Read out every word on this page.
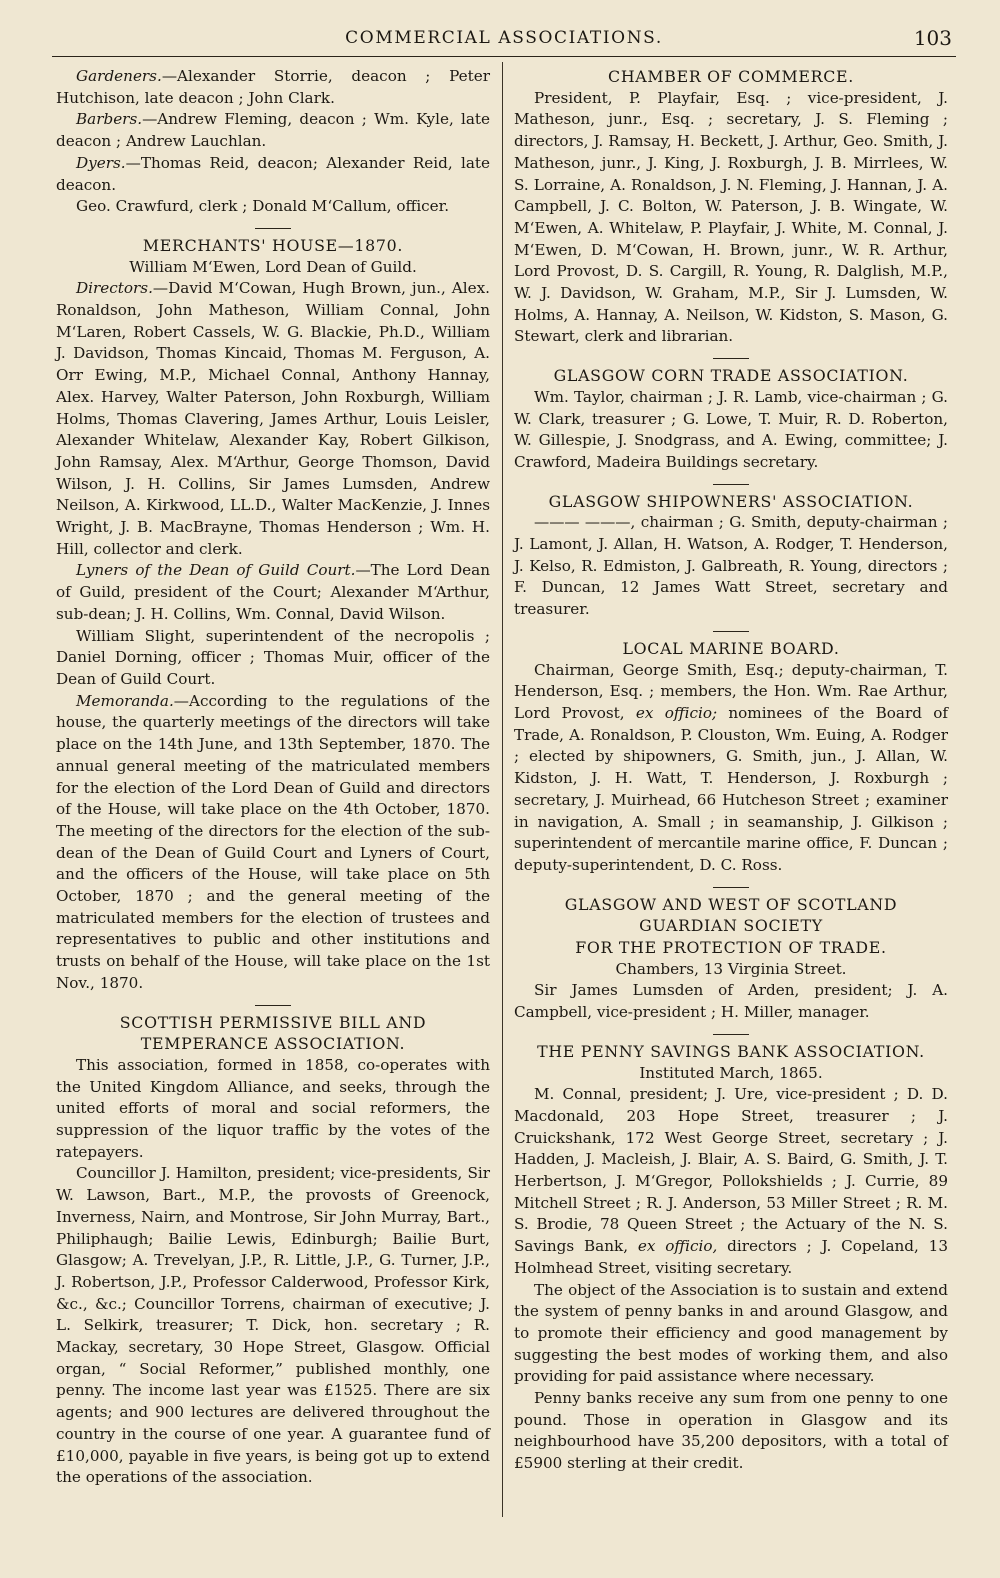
COMMERCIAL ASSOCIATIONS.	103

Gardeners.—Alexander Storrie, deacon ; Peter Hutchison, late deacon ; John Clark.

Barbers.—Andrew Fleming, deacon ; Wm. Kyle, late deacon ; Andrew Lauchlan.

Dyers.—Thomas Reid, deacon; Alexander Reid, late deacon.

Geo. Crawfurd, clerk ; Donald M‘Callum, officer.

MERCHANTS' HOUSE—1870.

William M‘Ewen, Lord Dean of Guild.

Directors.—David M‘Cowan, Hugh Brown, jun., Alex. Ronaldson, John Matheson, William Connal, John M‘Laren, Robert Cassels, W. G. Blackie, Ph.D., William J. Davidson, Thomas Kincaid, Thomas M. Ferguson, A. Orr Ewing, M.P., Michael Connal, Anthony Hannay, Alex. Harvey, Walter Paterson, John Roxburgh, William Holms, Thomas Clavering, James Arthur, Louis Leisler, Alexander Whitelaw, Alexander Kay, Robert Gilkison, John Ramsay, Alex. M‘Arthur, George Thomson, David Wilson, J. H. Collins, Sir James Lumsden, Andrew Neilson, A. Kirkwood, LL.D., Walter MacKenzie, J. Innes Wright, J. B. MacBrayne, Thomas Henderson ; Wm. H. Hill, collector and clerk.

Lyners of the Dean of Guild Court.—The Lord Dean of Guild, president of the Court; Alexander M‘Arthur, sub-dean; J. H. Collins, Wm. Connal, David Wilson.

William Slight, superintendent of the necropolis ; Daniel Dorning, officer ; Thomas Muir, officer of the Dean of Guild Court.

Memoranda.—According to the regulations of the house, the quarterly meetings of the directors will take place on the 14th June, and 13th September, 1870. The annual general meeting of the matriculated members for the election of the Lord Dean of Guild and directors of the House, will take place on the 4th October, 1870. The meeting of the directors for the election of the sub-dean of the Dean of Guild Court and Lyners of Court, and the officers of the House, will take place on 5th October, 1870 ; and the general meeting of the matriculated members for the election of trustees and representatives to public and other institutions and trusts on behalf of the House, will take place on the 1st Nov., 1870.

SCOTTISH PERMISSIVE BILL AND TEMPERANCE ASSOCIATION.

This association, formed in 1858, co-operates with the United Kingdom Alliance, and seeks, through the united efforts of moral and social reformers, the suppression of the liquor traffic by the votes of the ratepayers.

Councillor J. Hamilton, president; vice-presidents, Sir W. Lawson, Bart., M.P., the provosts of Greenock, Inverness, Nairn, and Montrose, Sir John Murray, Bart., Philiphaugh; Bailie Lewis, Edinburgh; Bailie Burt, Glasgow; A. Trevelyan, J.P., R. Little, J.P., G. Turner, J.P., J. Robertson, J.P., Professor Calderwood, Professor Kirk, &c., &c.; Councillor Torrens, chairman of executive; J. L. Selkirk, treasurer; T. Dick, hon. secretary ; R. Mackay, secretary, 30 Hope Street, Glasgow. Official organ, “ Social Reformer,” published monthly, one penny. The income last year was £1525. There are six agents; and 900 lectures are delivered throughout the country in the course of one year. A guarantee fund of £10,000, payable in five years, is being got up to extend the operations of the association.

CHAMBER OF COMMERCE.

President, P. Playfair, Esq. ; vice-president, J. Matheson, junr., Esq. ; secretary, J. S. Fleming ; directors, J. Ramsay, H. Beckett, J. Arthur, Geo. Smith, J. Matheson, junr., J. King, J. Roxburgh, J. B. Mirrlees, W. S. Lorraine, A. Ronaldson, J. N. Fleming, J. Hannan, J. A. Campbell, J. C. Bolton, W. Paterson, J. B. Wingate, W. M‘Ewen, A. Whitelaw, P. Playfair, J. White, M. Connal, J. M‘Ewen, D. M‘Cowan, H. Brown, junr., W. R. Arthur, Lord Provost, D. S. Cargill, R. Young, R. Dalglish, M.P., W. J. Davidson, W. Graham, M.P., Sir J. Lumsden, W. Holms, A. Hannay, A. Neilson, W. Kidston, S. Mason, G. Stewart, clerk and librarian.

GLASGOW CORN TRADE ASSOCIATION.

Wm. Taylor, chairman ; J. R. Lamb, vice-chairman ; G. W. Clark, treasurer ; G. Lowe, T. Muir, R. D. Roberton, W. Gillespie, J. Snodgrass, and A. Ewing, committee; J. Crawford, Madeira Buildings secretary.

GLASGOW SHIPOWNERS' ASSOCIATION.

——— ———, chairman ; G. Smith, deputy-chairman ; J. Lamont, J. Allan, H. Watson, A. Rodger, T. Henderson, J. Kelso, R. Edmiston, J. Galbreath, R. Young, directors ; F. Duncan, 12 James Watt Street, secretary and treasurer.

LOCAL MARINE BOARD.

Chairman, George Smith, Esq.; deputy-chairman, T. Henderson, Esq. ; members, the Hon. Wm. Rae Arthur, Lord Provost, ex officio; nominees of the Board of Trade, A. Ronaldson, P. Clouston, Wm. Euing, A. Rodger ; elected by shipowners, G. Smith, jun., J. Allan, W. Kidston, J. H. Watt, T. Henderson, J. Roxburgh ; secretary, J. Muirhead, 66 Hutcheson Street ; examiner in navigation, A. Small ; in seamanship, J. Gilkison ; superintendent of mercantile marine office, F. Duncan ; deputy-superintendent, D. C. Ross.

GLASGOW AND WEST OF SCOTLAND

GUARDIAN SOCIETY

FOR THE PROTECTION OF TRADE.

Chambers, 13 Virginia Street.

Sir James Lumsden of Arden, president; J. A. Campbell, vice-president ; H. Miller, manager.

THE PENNY SAVINGS BANK ASSOCIATION.

Instituted March, 1865.

M. Connal, president; J. Ure, vice-president ; D. D. Macdonald, 203 Hope Street, treasurer ; J. Cruickshank, 172 West George Street, secretary ; J. Hadden, J. Macleish, J. Blair, A. S. Baird, G. Smith, J. T. Herbertson, J. M‘Gregor, Pollokshields ; J. Currie, 89 Mitchell Street ; R. J. Anderson, 53 Miller Street ; R. M. S. Brodie, 78 Queen Street ; the Actuary of the N. S. Savings Bank, ex officio, directors ; J. Copeland, 13 Holmhead Street, visiting secretary.

The object of the Association is to sustain and extend the system of penny banks in and around Glasgow, and to promote their efficiency and good management by suggesting the best modes of working them, and also providing for paid assistance where necessary.

Penny banks receive any sum from one penny to one pound. Those in operation in Glasgow and its neighbourhood have 35,200 depositors, with a total of £5900 sterling at their credit.
